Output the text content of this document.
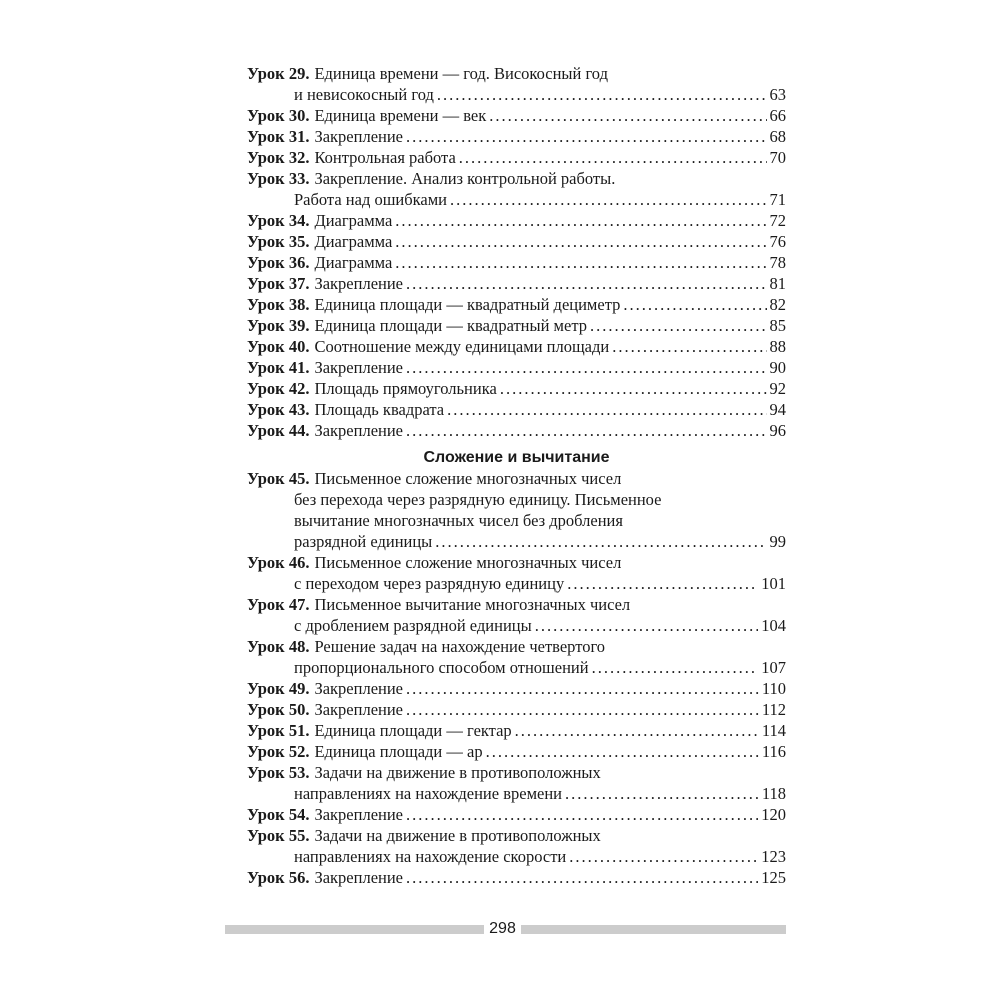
Урок 29. Единица времени — год. Високосный год
и невисокосный год .....	63
Урок 30. Единица времени — век .....	66
Урок 31. Закрепление .....	68
Урок 32. Контрольная работа .....	70
Урок 33. Закрепление. Анализ контрольной работы.
Работа над ошибками .....	71
Урок 34. Диаграмма .....	72
Урок 35. Диаграмма .....	76
Урок 36. Диаграмма .....	78
Урок 37. Закрепление .....	81
Урок 38. Единица площади — квадратный дециметр .....	82
Урок 39. Единица площади — квадратный метр .....	85
Урок 40. Соотношение между единицами площади .....	88
Урок 41. Закрепление .....	90
Урок 42. Площадь прямоугольника .....	92
Урок 43. Площадь квадрата .....	94
Урок 44. Закрепление .....	96
Сложение и вычитание
Урок 45. Письменное сложение многозначных чисел
без перехода через разрядную единицу. Письменное
вычитание многозначных чисел без дробления
разрядной единицы .....	99
Урок 46. Письменное сложение многозначных чисел
с переходом через разрядную единицу .....	101
Урок 47. Письменное вычитание многозначных чисел
с дроблением разрядной единицы .....	104
Урок 48. Решение задач на нахождение четвертого
пропорционального способом отношений .....	107
Урок 49. Закрепление .....	110
Урок 50. Закрепление .....	112
Урок 51. Единица площади — гектар .....	114
Урок 52. Единица площади — ар .....	116
Урок 53. Задачи на движение в противоположных
направлениях на нахождение времени .....	118
Урок 54. Закрепление .....	120
Урок 55. Задачи на движение в противоположных
направлениях на нахождение скорости .....	123
Урок 56. Закрепление .....	125
298
